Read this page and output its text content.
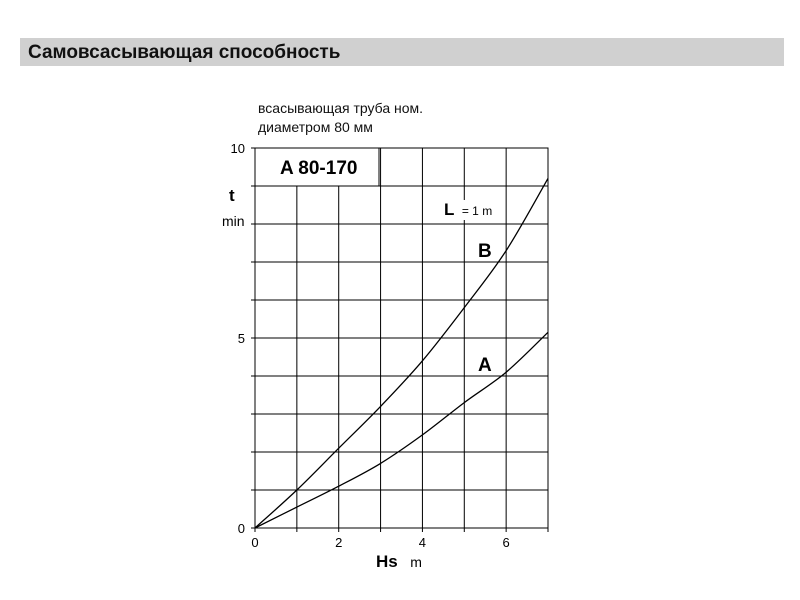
Самовсасывающая способность
всасывающая труба ном.
диаметром 80 мм
0	2	4	6
0
5
10
A 80-170
L = 1 m
B
A
t
min
Hs m
